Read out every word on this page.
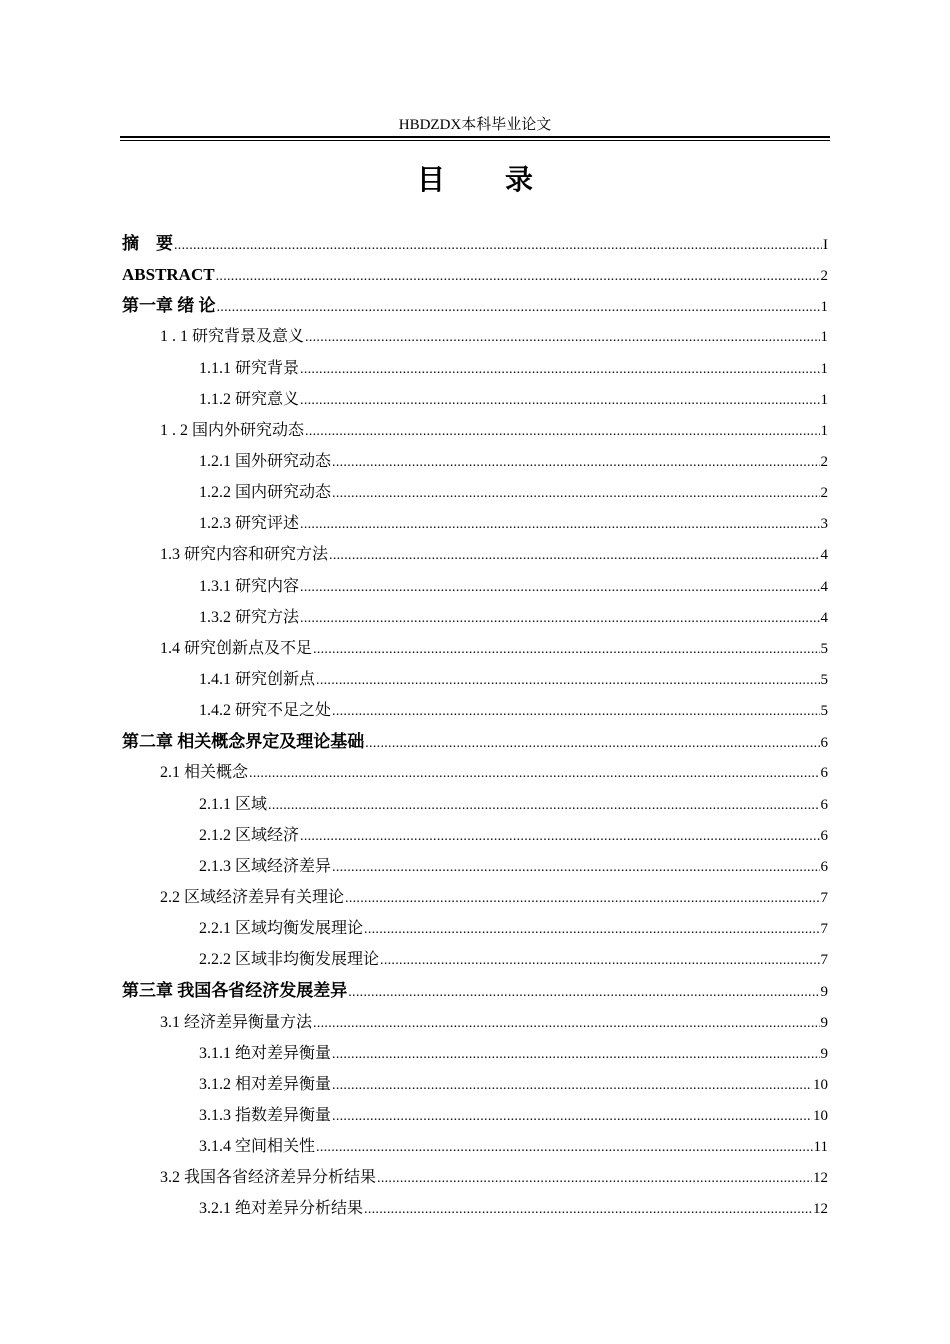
HBDZDX本科毕业论文
目录
摘　要 .....	I
ABSTRACT .....	2
第一章 绪 论 .....	1
1 . 1 研究背景及意义 .....	1
1.1.1 研究背景 .....	1
1.1.2 研究意义 .....	1
1 . 2 国内外研究动态 .....	1
1.2.1 国外研究动态 .....	2
1.2.2 国内研究动态 .....	2
1.2.3 研究评述 .....	3
1.3 研究内容和研究方法 .....	4
1.3.1 研究内容 .....	4
1.3.2 研究方法 .....	4
1.4 研究创新点及不足 .....	5
1.4.1 研究创新点 .....	5
1.4.2 研究不足之处 .....	5
第二章 相关概念界定及理论基础 .....	6
2.1 相关概念 .....	6
2.1.1 区域 .....	6
2.1.2 区域经济 .....	6
2.1.3 区域经济差异 .....	6
2.2 区域经济差异有关理论 .....	7
2.2.1 区域均衡发展理论 .....	7
2.2.2 区域非均衡发展理论 .....	7
第三章 我国各省经济发展差异 .....	9
3.1 经济差异衡量方法 .....	9
3.1.1 绝对差异衡量 .....	9
3.1.2 相对差异衡量 .....	10
3.1.3 指数差异衡量 .....	10
3.1.4 空间相关性 .....	11
3.2 我国各省经济差异分析结果 .....	12
3.2.1 绝对差异分析结果 .....	12
